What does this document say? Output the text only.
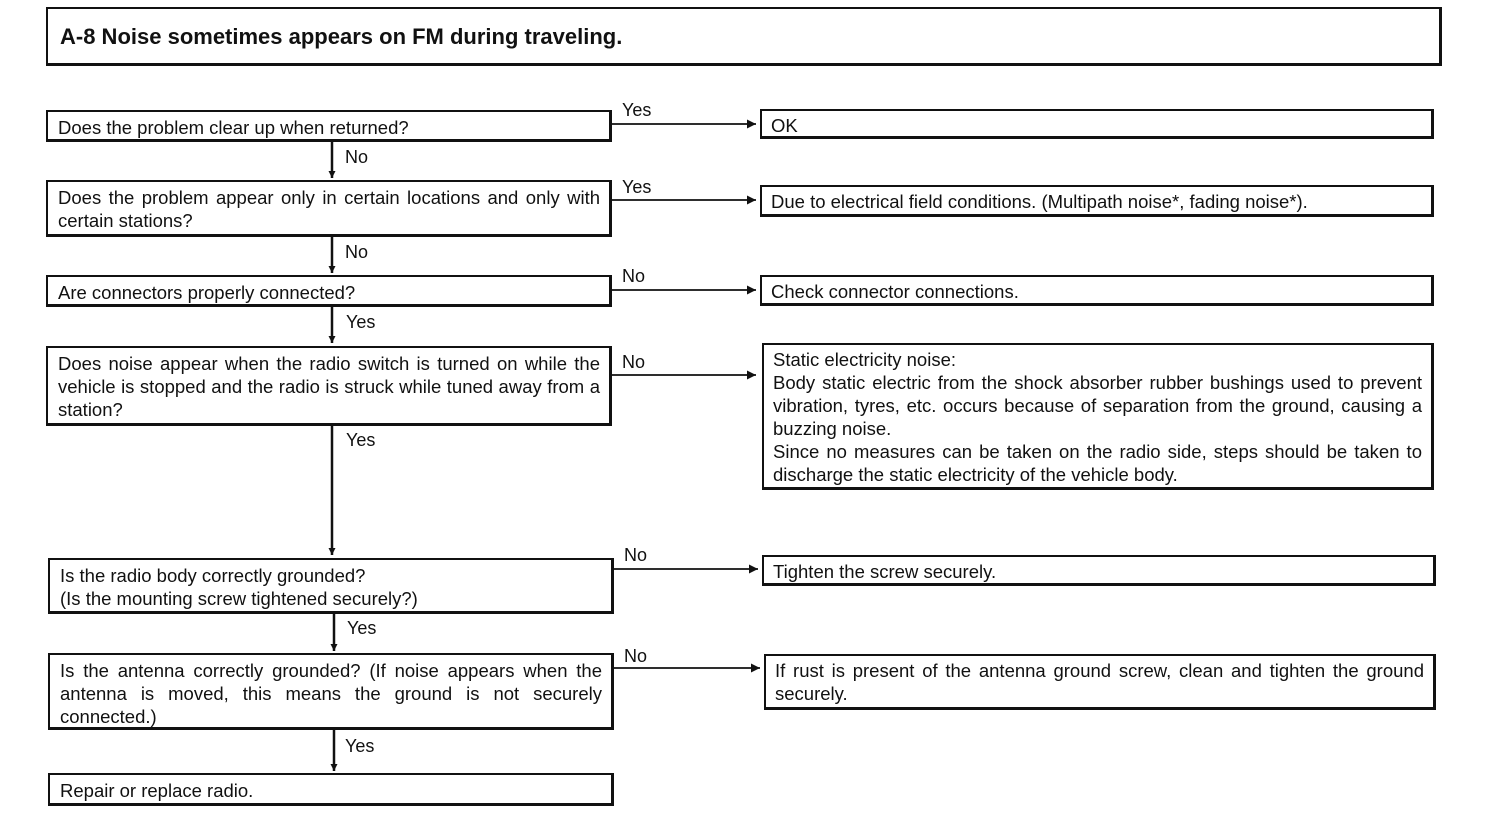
A-8 Noise sometimes appears on FM during traveling.
Does the problem clear up when returned?
Does the problem appear only in certain locations and only with certain stations?
Are connectors properly connected?
Does noise appear when the radio switch is turned on while the vehicle is stopped and the radio is struck while tuned away from a station?
Is the radio body correctly grounded?
(Is the mounting screw tightened securely?)
Is the antenna correctly grounded? (If noise appears when the antenna is moved, this means the ground is not securely connected.)
Repair or replace radio.
OK
Due to electrical field conditions. (Multipath noise*, fading noise*).
Check connector connections.
Static electricity noise:
Body static electric from the shock absorber rubber bushings used to prevent vibration, tyres, etc. occurs because of separation from the ground, causing a buzzing noise.
Since no measures can be taken on the radio side, steps should be taken to discharge the static electricity of the vehicle body.
Tighten the screw securely.
If rust is present of the antenna ground screw, clean and tighten the ground securely.
Yes
Yes
No
No
No
No
No
No
Yes
Yes
Yes
Yes
